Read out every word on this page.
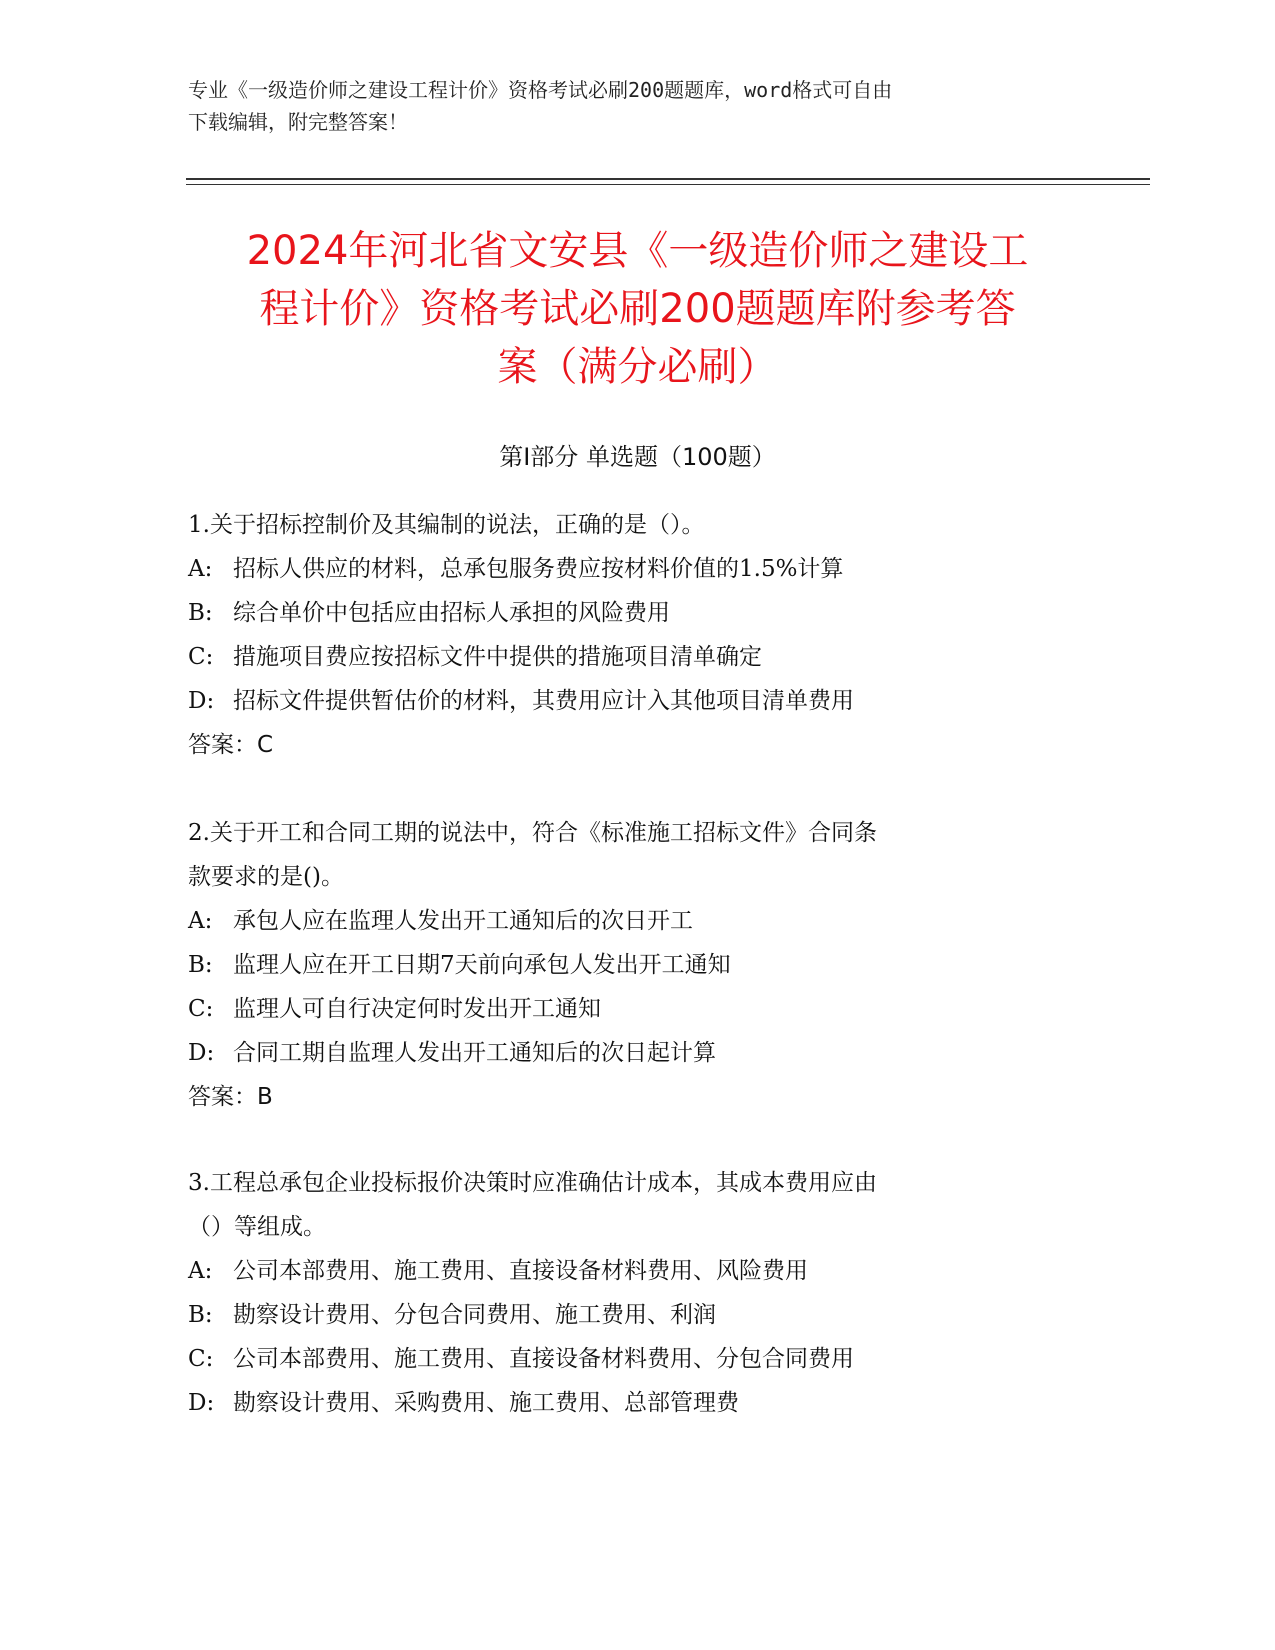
专业《一级造价师之建设工程计价》资格考试必刷200题题库，word格式可自由
下载编辑，附完整答案！
2024年河北省文安县《一级造价师之建设工
程计价》资格考试必刷200题题库附参考答
案（满分必刷）
第Ⅰ部分 单选题（100题）
1.关于招标控制价及其编制的说法，正确的是（）。
A: 招标人供应的材料，总承包服务费应按材料价值的1.5%计算
B: 综合单价中包括应由招标人承担的风险费用
C: 措施项目费应按招标文件中提供的措施项目清单确定
D: 招标文件提供暂估价的材料，其费用应计入其他项目清单费用
答案：C
2.关于开工和合同工期的说法中，符合《标准施工招标文件》合同条
款要求的是()。
A: 承包人应在监理人发出开工通知后的次日开工
B: 监理人应在开工日期7天前向承包人发出开工通知
C: 监理人可自行决定何时发出开工通知
D: 合同工期自监理人发出开工通知后的次日起计算
答案：B
3.工程总承包企业投标报价决策时应准确估计成本，其成本费用应由
（）等组成。
A: 公司本部费用、施工费用、直接设备材料费用、风险费用
B: 勘察设计费用、分包合同费用、施工费用、利润
C: 公司本部费用、施工费用、直接设备材料费用、分包合同费用
D: 勘察设计费用、采购费用、施工费用、总部管理费
